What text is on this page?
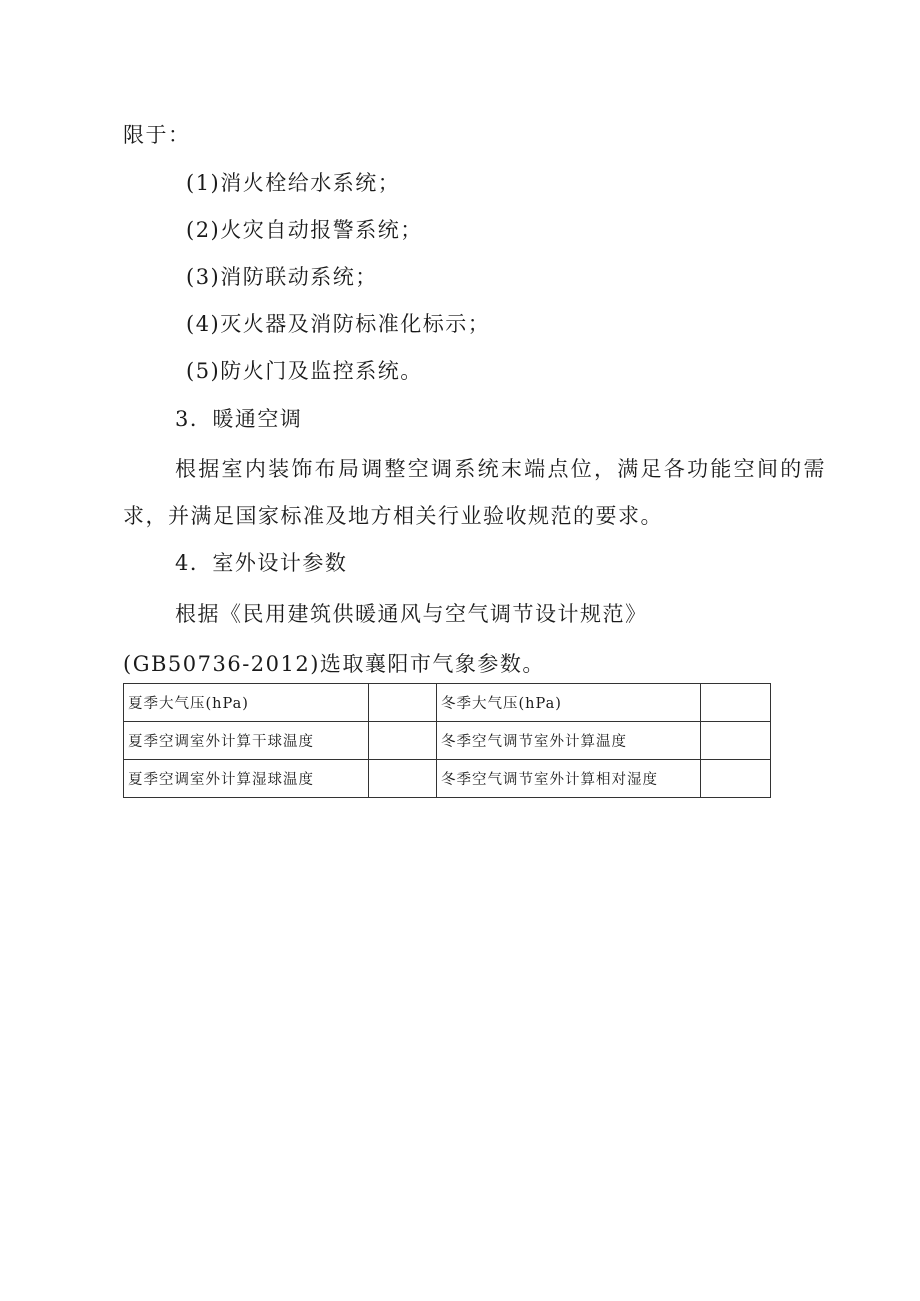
限于：
(1)消火栓给水系统；
(2)火灾自动报警系统；
(3)消防联动系统；
(4)灭火器及消防标准化标示；
(5)防火门及监控系统。
3．暖通空调
根据室内装饰布局调整空调系统末端点位，满足各功能空间的需
求，并满足国家标准及地方相关行业验收规范的要求。
4．室外设计参数
根据《民用建筑供暖通风与空气调节设计规范》
(GB50736-2012)选取襄阳市气象参数。
夏季大气压(hPa)		冬季大气压(hPa)	
夏季空调室外计算干球温度		冬季空气调节室外计算温度	
夏季空调室外计算湿球温度		冬季空气调节室外计算相对湿度	
